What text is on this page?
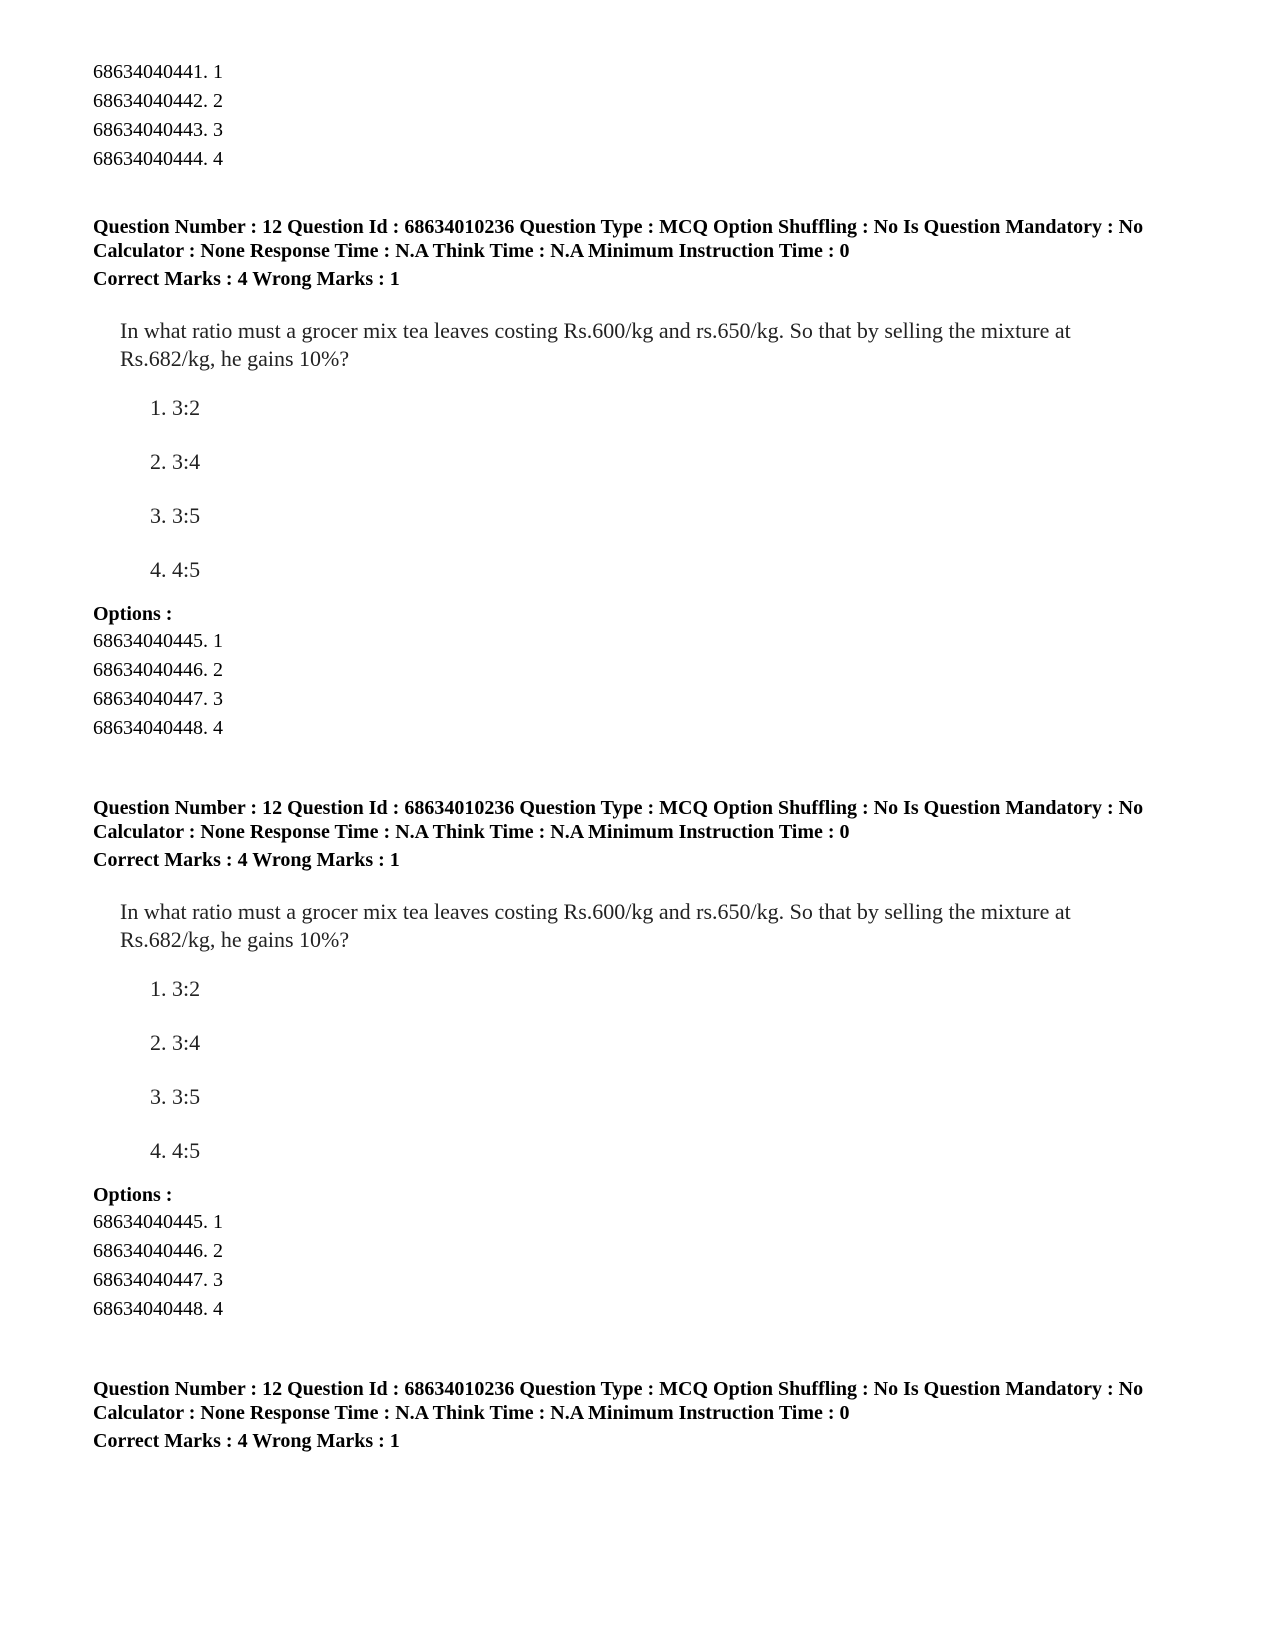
68634040441. 1
68634040442. 2
68634040443. 3
68634040444. 4
Question Number : 12 Question Id : 68634010236 Question Type : MCQ Option Shuffling : No Is Question Mandatory : No Calculator : None Response Time : N.A Think Time : N.A Minimum Instruction Time : 0
Correct Marks : 4 Wrong Marks : 1
In what ratio must a grocer mix tea leaves costing Rs.600/kg and rs.650/kg. So that by selling the mixture at Rs.682/kg, he gains 10%?
1. 3:2
2. 3:4
3. 3:5
4. 4:5
Options :
68634040445. 1
68634040446. 2
68634040447. 3
68634040448. 4
Question Number : 12 Question Id : 68634010236 Question Type : MCQ Option Shuffling : No Is Question Mandatory : No Calculator : None Response Time : N.A Think Time : N.A Minimum Instruction Time : 0
Correct Marks : 4 Wrong Marks : 1
In what ratio must a grocer mix tea leaves costing Rs.600/kg and rs.650/kg. So that by selling the mixture at Rs.682/kg, he gains 10%?
1. 3:2
2. 3:4
3. 3:5
4. 4:5
Options :
68634040445. 1
68634040446. 2
68634040447. 3
68634040448. 4
Question Number : 12 Question Id : 68634010236 Question Type : MCQ Option Shuffling : No Is Question Mandatory : No Calculator : None Response Time : N.A Think Time : N.A Minimum Instruction Time : 0
Correct Marks : 4 Wrong Marks : 1
